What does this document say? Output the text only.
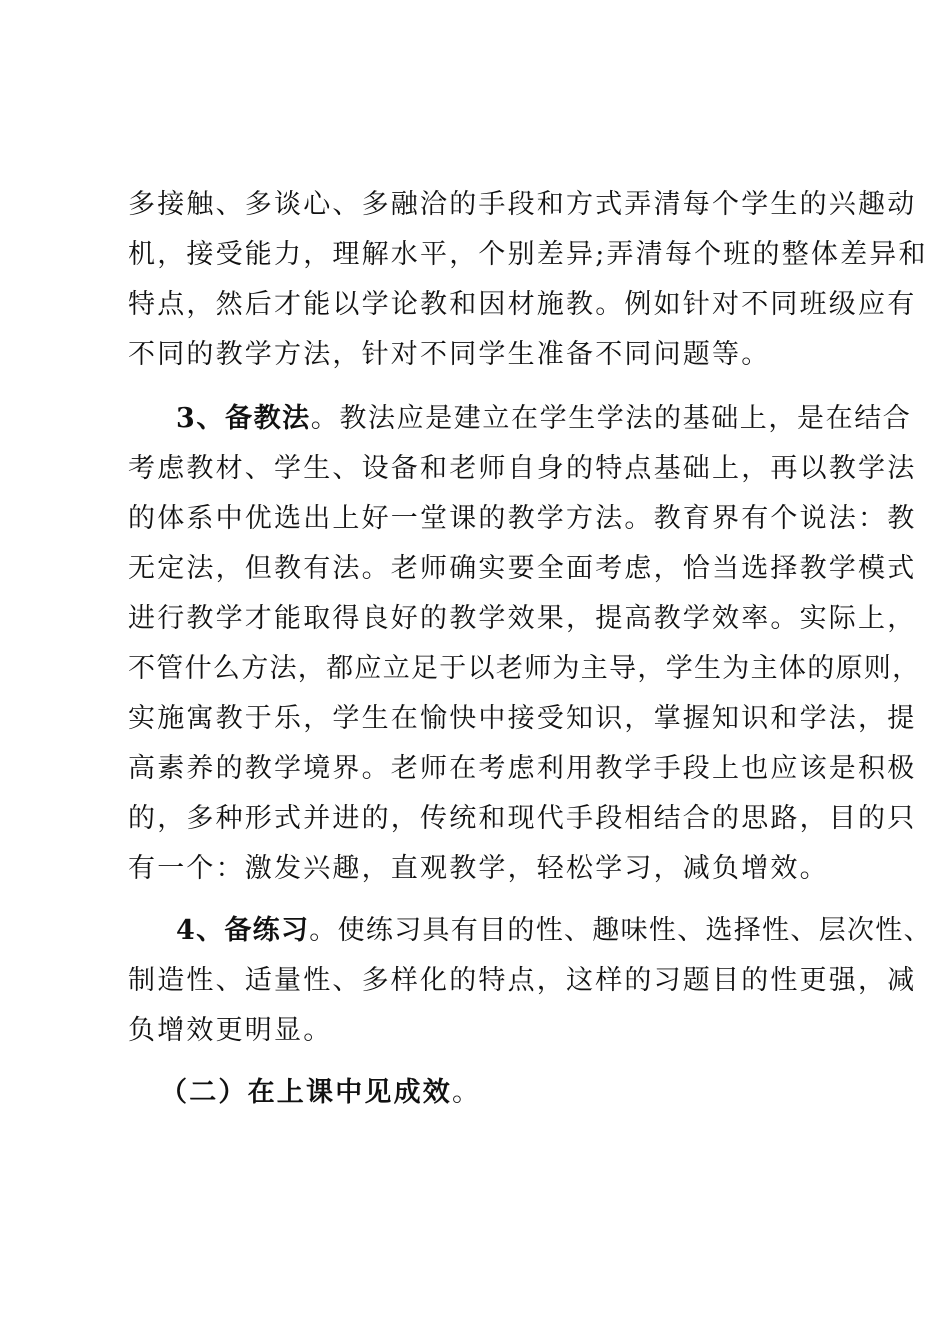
多接触、多谈心、多融洽的手段和方式弄清每个学生的兴趣动
机，接受能力，理解水平，个别差异;弄清每个班的整体差异和
特点，然后才能以学论教和因材施教。例如针对不同班级应有
不同的教学方法，针对不同学生准备不同问题等。
3、备教法。教法应是建立在学生学法的基础上，是在结合
考虑教材、学生、设备和老师自身的特点基础上，再以教学法
的体系中优选出上好一堂课的教学方法。教育界有个说法：教
无定法，但教有法。老师确实要全面考虑，恰当选择教学模式
进行教学才能取得良好的教学效果，提高教学效率。实际上，
不管什么方法，都应立足于以老师为主导，学生为主体的原则，
实施寓教于乐，学生在愉快中接受知识，掌握知识和学法，提
高素养的教学境界。老师在考虑利用教学手段上也应该是积极
的，多种形式并进的，传统和现代手段相结合的思路，目的只
有一个：激发兴趣，直观教学，轻松学习，减负增效。
4、备练习。使练习具有目的性、趣味性、选择性、层次性、
制造性、适量性、多样化的特点，这样的习题目的性更强，减
负增效更明显。
（二）在上课中见成效。
